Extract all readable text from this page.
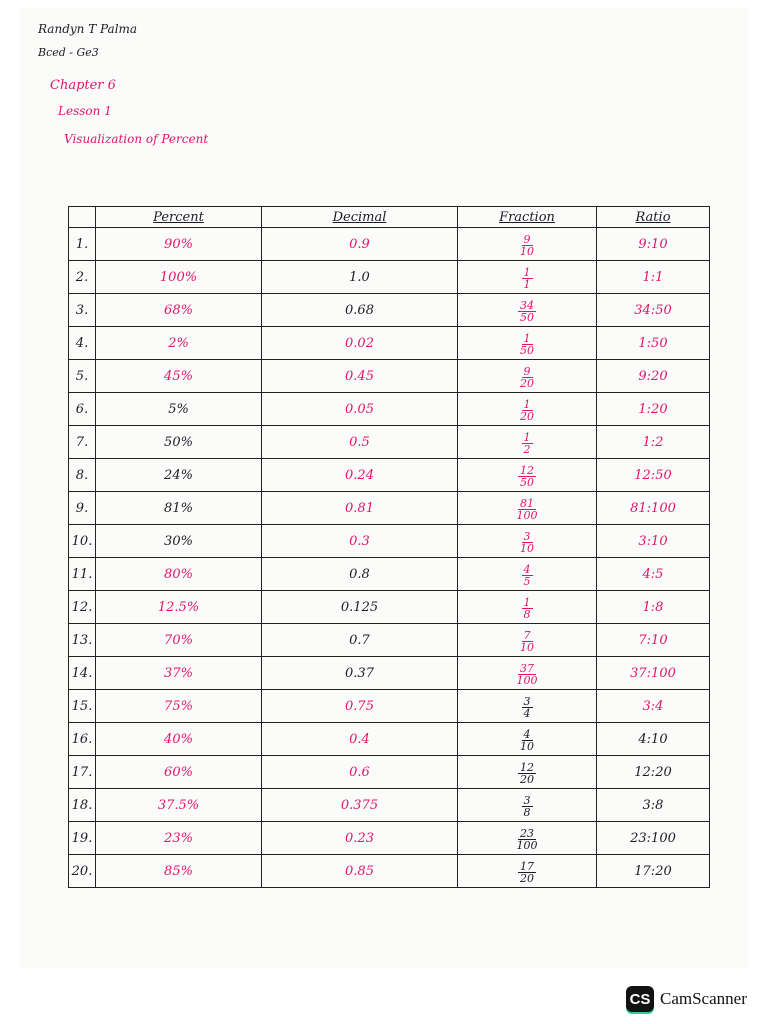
Randyn T Palma
Bced - Ge3
Chapter 6
Lesson 1
Visualization of Percent
	Percent	Decimal	Fraction	Ratio
1.	90%	0.9	$\frac{9}{10}$	9:10
2.	100%	1.0	$\frac{1}{1}$	1:1
3.	68%	0.68	$\frac{34}{50}$	34:50
4.	2%	0.02	$\frac{1}{50}$	1:50
5.	45%	0.45	$\frac{9}{20}$	9:20
6.	5%	0.05	$\frac{1}{20}$	1:20
7.	50%	0.5	$\frac{1}{2}$	1:2
8.	24%	0.24	$\frac{12}{50}$	12:50
9.	81%	0.81	$\frac{81}{100}$	81:100
10.	30%	0.3	$\frac{3}{10}$	3:10
11.	80%	0.8	$\frac{4}{5}$	4:5
12.	12.5%	0.125	$\frac{1}{8}$	1:8
13.	70%	0.7	$\frac{7}{10}$	7:10
14.	37%	0.37	$\frac{37}{100}$	37:100
15.	75%	0.75	$\frac{3}{4}$	3:4
16.	40%	0.4	$\frac{4}{10}$	4:10
17.	60%	0.6	$\frac{12}{20}$	12:20
18.	37.5%	0.375	$\frac{3}{8}$	3:8
19.	23%	0.23	$\frac{23}{100}$	23:100
20.	85%	0.85	$\frac{17}{20}$	17:20
CS CamScanner
